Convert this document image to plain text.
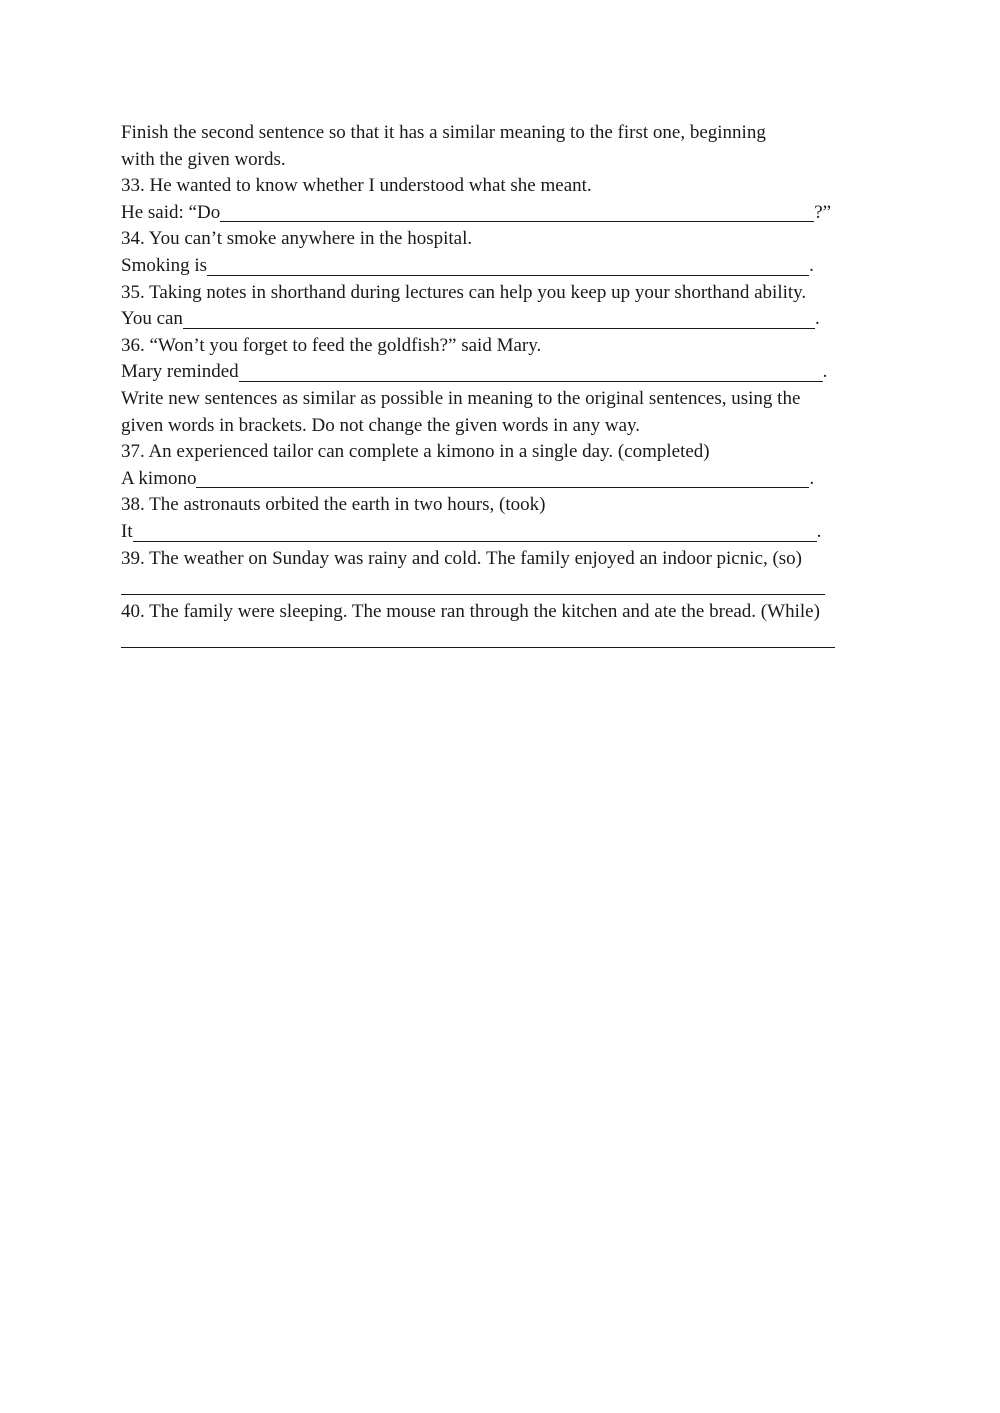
Finish the second sentence so that it has a similar meaning to the first one, beginning
with the given words.
33. He wanted to know whether I understood what she meant.
He said: “Do	?”
34. You can’t smoke anywhere in the hospital.
Smoking is	.
35. Taking notes in shorthand during lectures can help you keep up your shorthand ability.
You can	.
36. “Won’t you forget to feed the goldfish?” said Mary.
Mary reminded	.
Write new sentences as similar as possible in meaning to the original sentences, using the
given words in brackets. Do not change the given words in any way.
37. An experienced tailor can complete a kimono in a single day. (completed)
A kimono	.
38. The astronauts orbited the earth in two hours, (took)
It	.
39. The weather on Sunday was rainy and cold. The family enjoyed an indoor picnic, (so)
40. The family were sleeping. The mouse ran through the kitchen and ate the bread. (While)
